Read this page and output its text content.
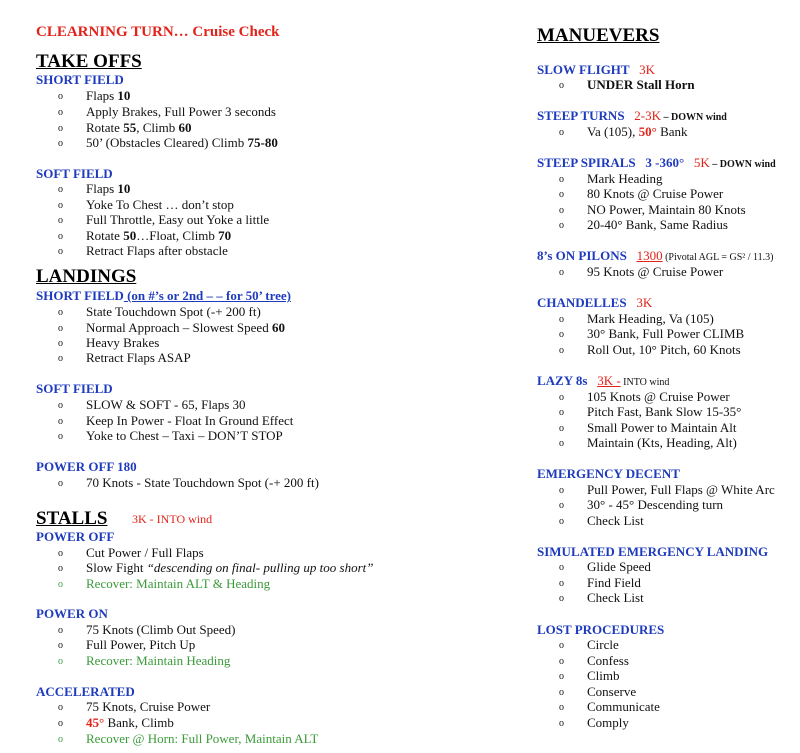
CLEARNING TURN… Cruise Check
TAKE OFFS
SHORT FIELD
o Flaps 10
o Apply Brakes, Full Power 3 seconds
o Rotate 55, Climb 60
o 50’ (Obstacles Cleared) Climb 75-80
SOFT FIELD
o Flaps 10
o Yoke To Chest … don’t stop
o Full Throttle, Easy out Yoke a little
o Rotate 50…Float, Climb 70
o Retract Flaps after obstacle
LANDINGS
SHORT FIELD (on #’s or 2nd – – for 50’ tree)
o State Touchdown Spot (-+ 200 ft)
o Normal Approach – Slowest Speed 60
o Heavy Brakes
o Retract Flaps ASAP
SOFT FIELD
o SLOW & SOFT - 65, Flaps 30
o Keep In Power - Float In Ground Effect
o Yoke to Chest – Taxi – DON’T STOP
POWER OFF 180
o 70 Knots - State Touchdown Spot (-+ 200 ft)
STALLS 3K - INTO wind
POWER OFF
o Cut Power / Full Flaps
o Slow Fight “descending on final- pulling up too short”
o Recover: Maintain ALT & Heading
POWER ON
o 75 Knots (Climb Out Speed)
o Full Power, Pitch Up
o Recover: Maintain Heading
ACCELERATED
o 75 Knots, Cruise Power
o 45° Bank, Climb
o Recover @ Horn: Full Power, Maintain ALT
MANUEVERS
SLOW FLIGHT 3K
o UNDER Stall Horn
STEEP TURNS 2-3K – DOWN wind
o Va (105), 50° Bank
STEEP SPIRALS 3 -360° 5K – DOWN wind
o Mark Heading
o 80 Knots @ Cruise Power
o NO Power, Maintain 80 Knots
o 20-40° Bank, Same Radius
8’s ON PILONS 1300 (Pivotal AGL = GS² / 11.3)
o 95 Knots @ Cruise Power
CHANDELLES 3K
o Mark Heading, Va (105)
o 30° Bank, Full Power CLIMB
o Roll Out, 10° Pitch, 60 Knots
LAZY 8s 3K - INTO wind
o 105 Knots @ Cruise Power
o Pitch Fast, Bank Slow 15-35°
o Small Power to Maintain Alt
o Maintain (Kts, Heading, Alt)
EMERGENCY DECENT
o Pull Power, Full Flaps @ White Arc
o 30° - 45° Descending turn
o Check List
SIMULATED EMERGENCY LANDING
o Glide Speed
o Find Field
o Check List
LOST PROCEDURES
o Circle
o Confess
o Climb
o Conserve
o Communicate
o Comply
